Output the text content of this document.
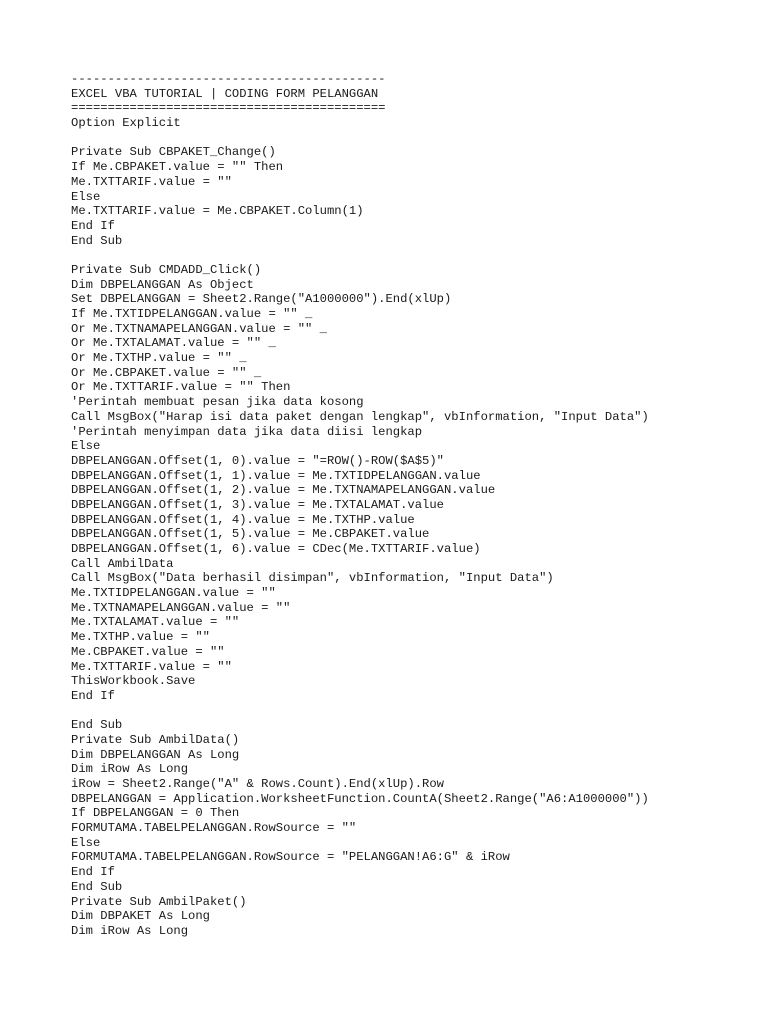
-------------------------------------------
EXCEL VBA TUTORIAL | CODING FORM PELANGGAN
===========================================
Option Explicit
Private Sub CBPAKET_Change()
If Me.CBPAKET.value = "" Then
Me.TXTTARIF.value = ""
Else
Me.TXTTARIF.value = Me.CBPAKET.Column(1)
End If
End Sub
Private Sub CMDADD_Click()
Dim DBPELANGGAN As Object
Set DBPELANGGAN = Sheet2.Range("A1000000").End(xlUp)
If Me.TXTIDPELANGGAN.value = "" _
Or Me.TXTNAMAPELANGGAN.value = "" _
Or Me.TXTALAMAT.value = "" _
Or Me.TXTHP.value = "" _
Or Me.CBPAKET.value = "" _
Or Me.TXTTARIF.value = "" Then
'Perintah membuat pesan jika data kosong
Call MsgBox("Harap isi data paket dengan lengkap", vbInformation, "Input Data")
'Perintah menyimpan data jika data diisi lengkap
Else
DBPELANGGAN.Offset(1, 0).value = "=ROW()-ROW($A$5)"
DBPELANGGAN.Offset(1, 1).value = Me.TXTIDPELANGGAN.value
DBPELANGGAN.Offset(1, 2).value = Me.TXTNAMAPELANGGAN.value
DBPELANGGAN.Offset(1, 3).value = Me.TXTALAMAT.value
DBPELANGGAN.Offset(1, 4).value = Me.TXTHP.value
DBPELANGGAN.Offset(1, 5).value = Me.CBPAKET.value
DBPELANGGAN.Offset(1, 6).value = CDec(Me.TXTTARIF.value)
Call AmbilData
Call MsgBox("Data berhasil disimpan", vbInformation, "Input Data")
Me.TXTIDPELANGGAN.value = ""
Me.TXTNAMAPELANGGAN.value = ""
Me.TXTALAMAT.value = ""
Me.TXTHP.value = ""
Me.CBPAKET.value = ""
Me.TXTTARIF.value = ""
ThisWorkbook.Save
End If
End Sub
Private Sub AmbilData()
Dim DBPELANGGAN As Long
Dim iRow As Long
iRow = Sheet2.Range("A" & Rows.Count).End(xlUp).Row
DBPELANGGAN = Application.WorksheetFunction.CountA(Sheet2.Range("A6:A1000000"))
If DBPELANGGAN = 0 Then
FORMUTAMA.TABELPELANGGAN.RowSource = ""
Else
FORMUTAMA.TABELPELANGGAN.RowSource = "PELANGGAN!A6:G" & iRow
End If
End Sub
Private Sub AmbilPaket()
Dim DBPAKET As Long
Dim iRow As Long
